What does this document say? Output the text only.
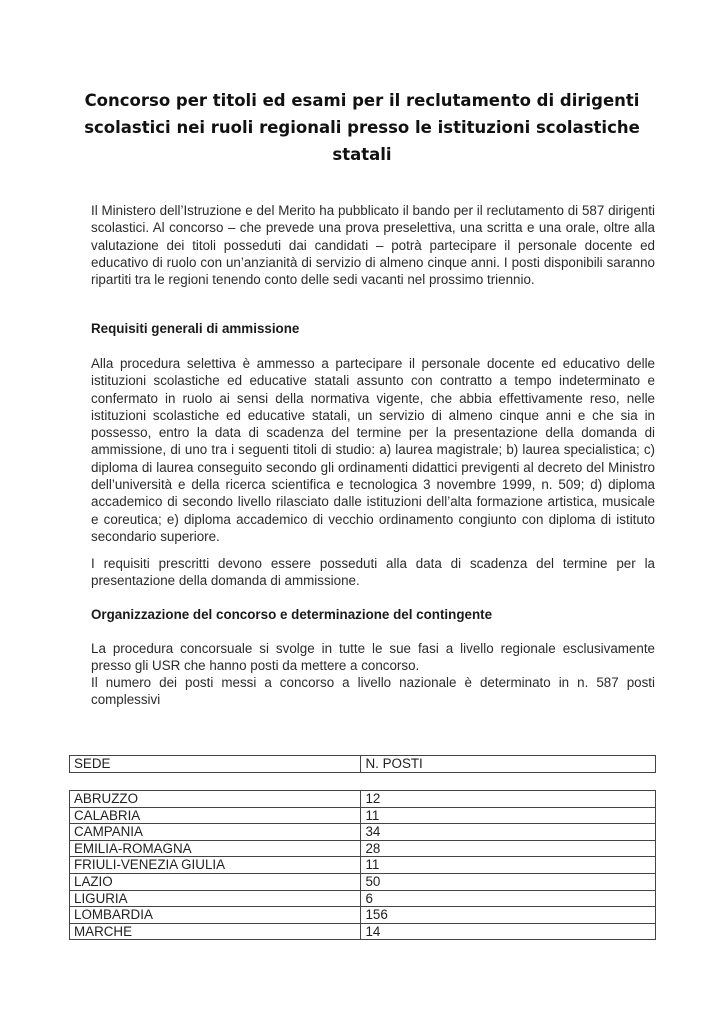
Concorso per titoli ed esami per il reclutamento di dirigenti scolastici nei ruoli regionali presso le istituzioni scolastiche statali

Il Ministero dell’Istruzione e del Merito ha pubblicato il bando per il reclutamento di 587 dirigenti scolastici. Al concorso – che prevede una prova preselettiva, una scritta e una orale, oltre alla valutazione dei titoli posseduti dai candidati – potrà partecipare il personale docente ed educativo di ruolo con un’anzianità di servizio di almeno cinque anni. I posti disponibili saranno ripartiti tra le regioni tenendo conto delle sedi vacanti nel prossimo triennio.

Requisiti generali di ammissione

Alla procedura selettiva è ammesso a partecipare il personale docente ed educativo delle istituzioni scolastiche ed educative statali assunto con contratto a tempo indeterminato e confermato in ruolo ai sensi della normativa vigente, che abbia effettivamente reso, nelle istituzioni scolastiche ed educative statali, un servizio di almeno cinque anni e che sia in possesso, entro la data di scadenza del termine per la presentazione della domanda di ammissione, di uno tra i seguenti titoli di studio: a) laurea magistrale; b) laurea specialistica; c) diploma di laurea conseguito secondo gli ordinamenti didattici previgenti al decreto del Ministro dell’università e della ricerca scientifica e tecnologica 3 novembre 1999, n. 509; d) diploma accademico di secondo livello rilasciato dalle istituzioni dell’alta formazione artistica, musicale e coreutica; e) diploma accademico di vecchio ordinamento congiunto con diploma di istituto secondario superiore.

I requisiti prescritti devono essere posseduti alla data di scadenza del termine per la presentazione della domanda di ammissione.

Organizzazione del concorso e determinazione del contingente

La procedura concorsuale si svolge in tutte le sue fasi a livello regionale esclusivamente presso gli USR che hanno posti da mettere a concorso.

Il numero dei posti messi a concorso a livello nazionale è determinato in n. 587 posti complessivi

SEDE	N. POSTI
ABRUZZO	12
CALABRIA	11
CAMPANIA	34
EMILIA-ROMAGNA	28
FRIULI-VENEZIA GIULIA	11
LAZIO	50
LIGURIA	6
LOMBARDIA	156
MARCHE	14
